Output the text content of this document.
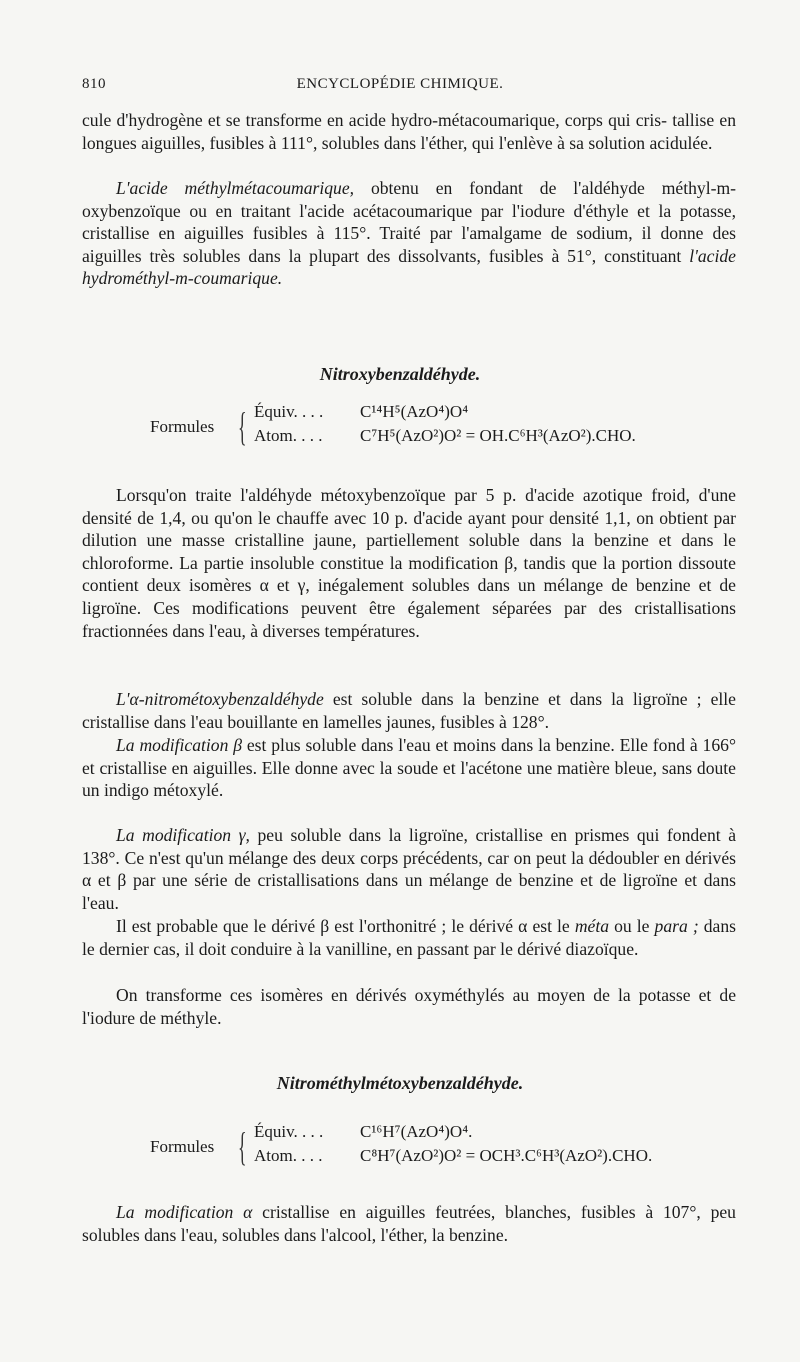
810	ENCYCLOPÉDIE CHIMIQUE.

cule d'hydrogène et se transforme en acide hydro-métacoumarique, corps qui cris- tallise en longues aiguilles, fusibles à 111°, solubles dans l'éther, qui l'enlève à sa solution acidulée.

L'acide méthylmétacoumarique, obtenu en fondant de l'aldéhyde méthyl-m- oxybenzoïque ou en traitant l'acide acétacoumarique par l'iodure d'éthyle et la potasse, cristallise en aiguilles fusibles à 115°. Traité par l'amalgame de sodium, il donne des aiguilles très solubles dans la plupart des dissolvants, fusibles à 51°, constituant l'acide hydrométhyl-m-coumarique.

Nitroxybenzaldéhyde.
Formules { Équiv. . . . C¹⁴H⁵(AzO⁴)O⁴
Atom. . . . C⁷H⁵(AzO²)O² = OH.C⁶H³(AzO²).CHO.

Lorsqu'on traite l'aldéhyde métoxybenzoïque par 5 p. d'acide azotique froid, d'une densité de 1,4, ou qu'on le chauffe avec 10 p. d'acide ayant pour densité 1,1, on obtient par dilution une masse cristalline jaune, partiellement soluble dans la benzine et dans le chloroforme. La partie insoluble constitue la modification β, tandis que la portion dissoute contient deux isomères α et γ, inégalement solubles dans un mélange de benzine et de ligroïne. Ces modifications peuvent être également séparées par des cristallisations fractionnées dans l'eau, à diverses températures.

L'α-nitrométoxybenzaldéhyde est soluble dans la benzine et dans la ligroïne ; elle cristallise dans l'eau bouillante en lamelles jaunes, fusibles à 128°.

La modification β est plus soluble dans l'eau et moins dans la benzine. Elle fond à 166° et cristallise en aiguilles. Elle donne avec la soude et l'acétone une matière bleue, sans doute un indigo métoxylé.

La modification γ, peu soluble dans la ligroïne, cristallise en prismes qui fondent à 138°. Ce n'est qu'un mélange des deux corps précédents, car on peut la dédoubler en dérivés α et β par une série de cristallisations dans un mélange de benzine et de ligroïne et dans l'eau.

Il est probable que le dérivé β est l'orthonitré ; le dérivé α est le méta ou le para ; dans le dernier cas, il doit conduire à la vanilline, en passant par le dérivé diazoïque.

On transforme ces isomères en dérivés oxyméthylés au moyen de la potasse et de l'iodure de méthyle.

Nitrométhylmétoxybenzaldéhyde.
Formules { Équiv. . . . C¹⁶H⁷(AzO⁴)O⁴.
Atom. . . . C⁸H⁷(AzO²)O² = OCH³.C⁶H³(AzO²).CHO.

La modification α cristallise en aiguilles feutrées, blanches, fusibles à 107°, peu solubles dans l'eau, solubles dans l'alcool, l'éther, la benzine.
